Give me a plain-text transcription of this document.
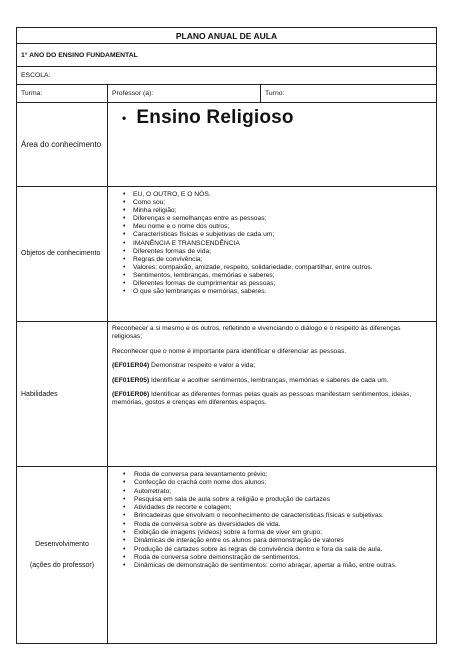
PLANO ANUAL DE AULA
1° ANO DO ENSINO FUNDAMENTAL
ESCOLA:
Turma:	Professor (a):	Turno:
Área do conhecimento
• Ensino Religioso
Objetos de conhecimento
• EU, O OUTRO, E O NÓS.
• Como sou;
• Minha religião;
• Diferenças e semelhanças entre as pessoas;
• Meu nome e o nome dos outros;
• Características físicas e subjetivas de cada um;
• IMANÊNCIA E TRANSCENDÊNCIA
• Diferentes formas de vida;
• Regras de convivência;
• Valores: compaixão, amizade, respeito, solidariedade, compartilhar, entre outros.
• Sentimentos, lembranças, memórias e saberes;
• Diferentes formas de cumprimentar as pessoas;
• O que são lembranças e memórias, saberes.
Habilidades

Reconhecer a si mesmo e os outros, refletindo e vivenciando o diálogo e o respeito às diferenças religiosas;

Reconhecer que o nome é importante para identificar e diferenciar as pessoas.

(EF01ER04) Demonstrar respeito e valor a vida;

(EF01ER05) Identificar e acolher sentimentos, lembranças, memórias e saberes de cada um.

(EF01ER06) Identificar as diferentes formas pelas quais as pessoas manifestam sentimentos, ideias, memórias, gostos e crenças em diferentes espaços.

Desenvolvimento
(ações do professor)
• Roda de conversa para levantamento prévio;
• Confecção do crachá com nome dos alunos;
• Autorretrato;
• Pesquisa em sala de aula sobre a religião e produção de cartazes
• Atividades de recorte e colagem;
• Brincadeiras que envolvam o reconhecimento de características físicas e subjetivas.
• Roda de conversa sobre as diversidades de vida.
• Exibição de imagens (vídeos) sobre a forma de viver em grupo;
• Dinâmicas de interação entre os alunos para demonstração de valores
• Produção de cartazes sobre as regras de convivência dentro e fora da sala de aula.
• Roda de conversa sobre demonstração de sentimentos.
• Dinâmicas de demonstração de sentimentos: como abraçar, apertar a mão, entre outras.
